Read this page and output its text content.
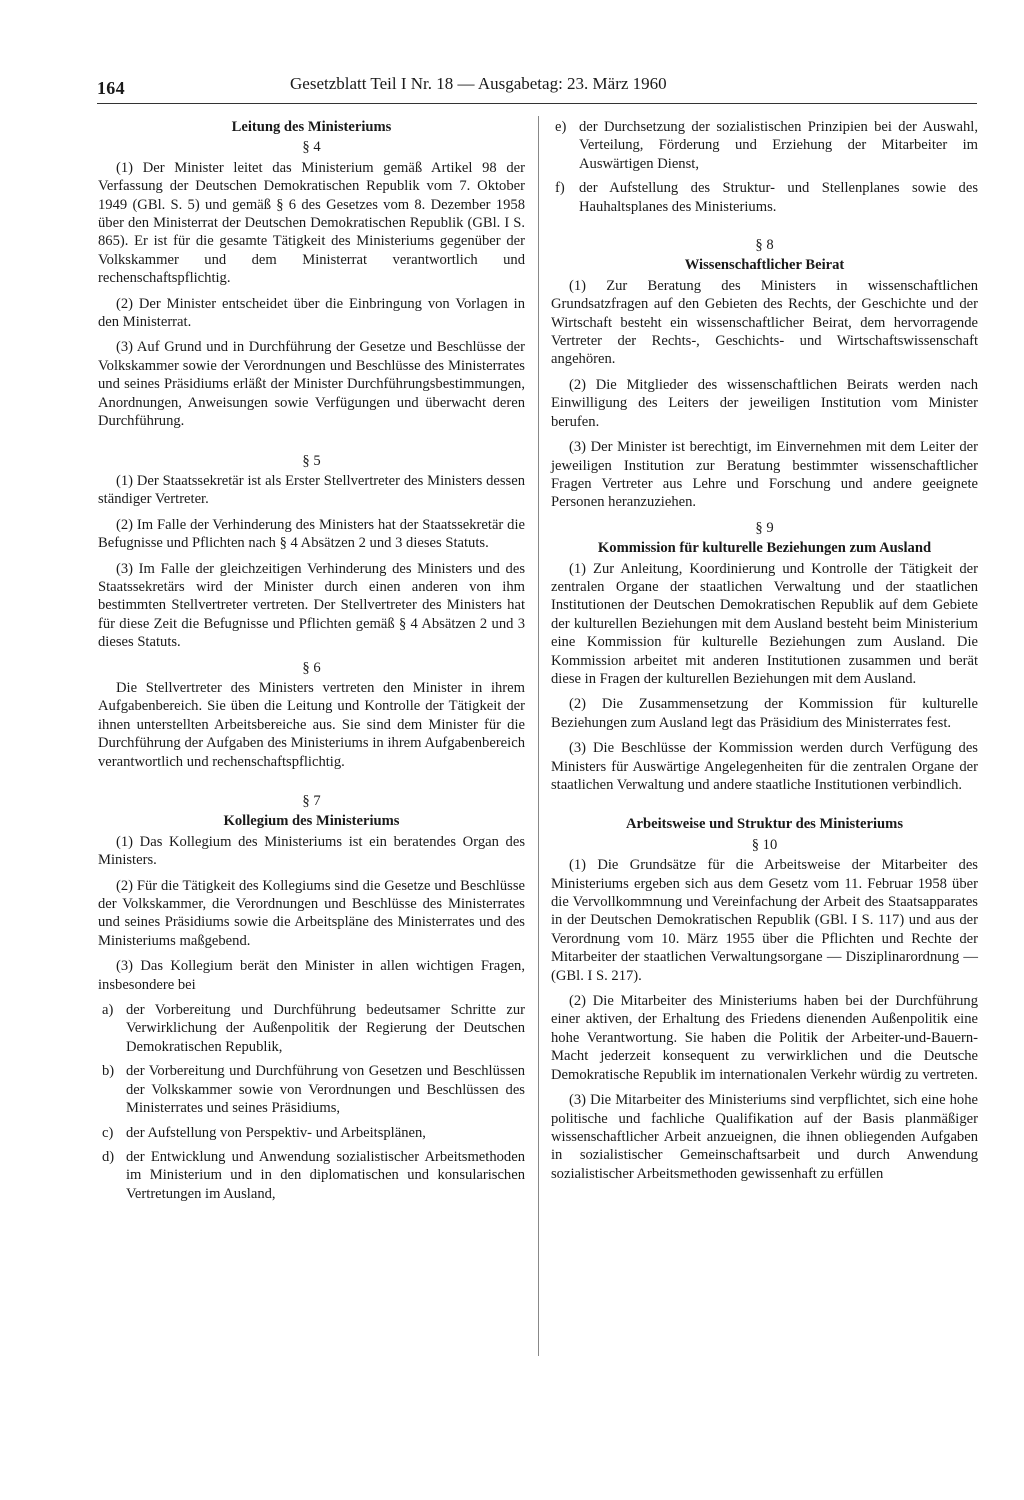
164	Gesetzblatt Teil I Nr. 18 — Ausgabetag: 23. März 1960
Leitung des Ministeriums
§ 4

(1) Der Minister leitet das Ministerium gemäß Artikel 98 der Verfassung der Deutschen Demokratischen Republik vom 7. Oktober 1949 (GBl. S. 5) und gemäß § 6 des Gesetzes vom 8. Dezember 1958 über den Ministerrat der Deutschen Demokratischen Republik (GBl. I S. 865). Er ist für die gesamte Tätigkeit des Ministeriums gegenüber der Volkskammer und dem Ministerrat verantwortlich und rechenschaftspflichtig.

(2) Der Minister entscheidet über die Einbringung von Vorlagen in den Ministerrat.

(3) Auf Grund und in Durchführung der Gesetze und Beschlüsse der Volkskammer sowie der Verordnungen und Beschlüsse des Ministerrates und seines Präsidiums erläßt der Minister Durchführungsbestimmungen, Anordnungen, Anweisungen sowie Verfügungen und überwacht deren Durchführung.

§ 5

(1) Der Staatssekretär ist als Erster Stellvertreter des Ministers dessen ständiger Vertreter.

(2) Im Falle der Verhinderung des Ministers hat der Staatssekretär die Befugnisse und Pflichten nach § 4 Absätzen 2 und 3 dieses Statuts.

(3) Im Falle der gleichzeitigen Verhinderung des Ministers und des Staatssekretärs wird der Minister durch einen anderen von ihm bestimmten Stellvertreter vertreten. Der Stellvertreter des Ministers hat für diese Zeit die Befugnisse und Pflichten gemäß § 4 Absätzen 2 und 3 dieses Statuts.

§ 6

Die Stellvertreter des Ministers vertreten den Minister in ihrem Aufgabenbereich. Sie üben die Leitung und Kontrolle der Tätigkeit der ihnen unterstellten Arbeitsbereiche aus. Sie sind dem Minister für die Durchführung der Aufgaben des Ministeriums in ihrem Aufgabenbereich verantwortlich und rechenschaftspflichtig.

§ 7
Kollegium des Ministeriums

(1) Das Kollegium des Ministeriums ist ein beratendes Organ des Ministers.

(2) Für die Tätigkeit des Kollegiums sind die Gesetze und Beschlüsse der Volkskammer, die Verordnungen und Beschlüsse des Ministerrates und seines Präsidiums sowie die Arbeitspläne des Ministerrates und des Ministeriums maßgebend.

(3) Das Kollegium berät den Minister in allen wichtigen Fragen, insbesondere bei

a) der Vorbereitung und Durchführung bedeutsamer Schritte zur Verwirklichung der Außenpolitik der Regierung der Deutschen Demokratischen Republik,
b) der Vorbereitung und Durchführung von Gesetzen und Beschlüssen der Volkskammer sowie von Verordnungen und Beschlüssen des Ministerrates und seines Präsidiums,
c) der Aufstellung von Perspektiv- und Arbeitsplänen,
d) der Entwicklung und Anwendung sozialistischer Arbeitsmethoden im Ministerium und in den diplomatischen und konsularischen Vertretungen im Ausland,
e) der Durchsetzung der sozialistischen Prinzipien bei der Auswahl, Verteilung, Förderung und Erziehung der Mitarbeiter im Auswärtigen Dienst,
f) der Aufstellung des Struktur- und Stellenplanes sowie des Hauhaltsplanes des Ministeriums.
§ 8
Wissenschaftlicher Beirat

(1) Zur Beratung des Ministers in wissenschaftlichen Grundsatzfragen auf den Gebieten des Rechts, der Geschichte und der Wirtschaft besteht ein wissenschaftlicher Beirat, dem hervorragende Vertreter der Rechts-, Geschichts- und Wirtschaftswissenschaft angehören.

(2) Die Mitglieder des wissenschaftlichen Beirats werden nach Einwilligung des Leiters der jeweiligen Institution vom Minister berufen.

(3) Der Minister ist berechtigt, im Einvernehmen mit dem Leiter der jeweiligen Institution zur Beratung bestimmter wissenschaftlicher Fragen Vertreter aus Lehre und Forschung und andere geeignete Personen heranzuziehen.

§ 9
Kommission für kulturelle Beziehungen zum Ausland

(1) Zur Anleitung, Koordinierung und Kontrolle der Tätigkeit der zentralen Organe der staatlichen Verwaltung und der staatlichen Institutionen der Deutschen Demokratischen Republik auf dem Gebiete der kulturellen Beziehungen mit dem Ausland besteht beim Ministerium eine Kommission für kulturelle Beziehungen zum Ausland. Die Kommission arbeitet mit anderen Institutionen zusammen und berät diese in Fragen der kulturellen Beziehungen mit dem Ausland.

(2) Die Zusammensetzung der Kommission für kulturelle Beziehungen zum Ausland legt das Präsidium des Ministerrates fest.

(3) Die Beschlüsse der Kommission werden durch Verfügung des Ministers für Auswärtige Angelegenheiten für die zentralen Organe der staatlichen Verwaltung und andere staatliche Institutionen verbindlich.

Arbeitsweise und Struktur des Ministeriums
§ 10

(1) Die Grundsätze für die Arbeitsweise der Mitarbeiter des Ministeriums ergeben sich aus dem Gesetz vom 11. Februar 1958 über die Vervollkommnung und Vereinfachung der Arbeit des Staatsapparates in der Deutschen Demokratischen Republik (GBl. I S. 117) und aus der Verordnung vom 10. März 1955 über die Pflichten und Rechte der Mitarbeiter der staatlichen Verwaltungsorgane — Disziplinarordnung — (GBl. I S. 217).

(2) Die Mitarbeiter des Ministeriums haben bei der Durchführung einer aktiven, der Erhaltung des Friedens dienenden Außenpolitik eine hohe Verantwortung. Sie haben die Politik der Arbeiter-und-Bauern-Macht jederzeit konsequent zu verwirklichen und die Deutsche Demokratische Republik im internationalen Verkehr würdig zu vertreten.

(3) Die Mitarbeiter des Ministeriums sind verpflichtet, sich eine hohe politische und fachliche Qualifikation auf der Basis planmäßiger wissenschaftlicher Arbeit anzueignen, die ihnen obliegenden Aufgaben in sozialistischer Gemeinschaftsarbeit und durch Anwendung sozialistischer Arbeitsmethoden gewissenhaft zu erfüllen
